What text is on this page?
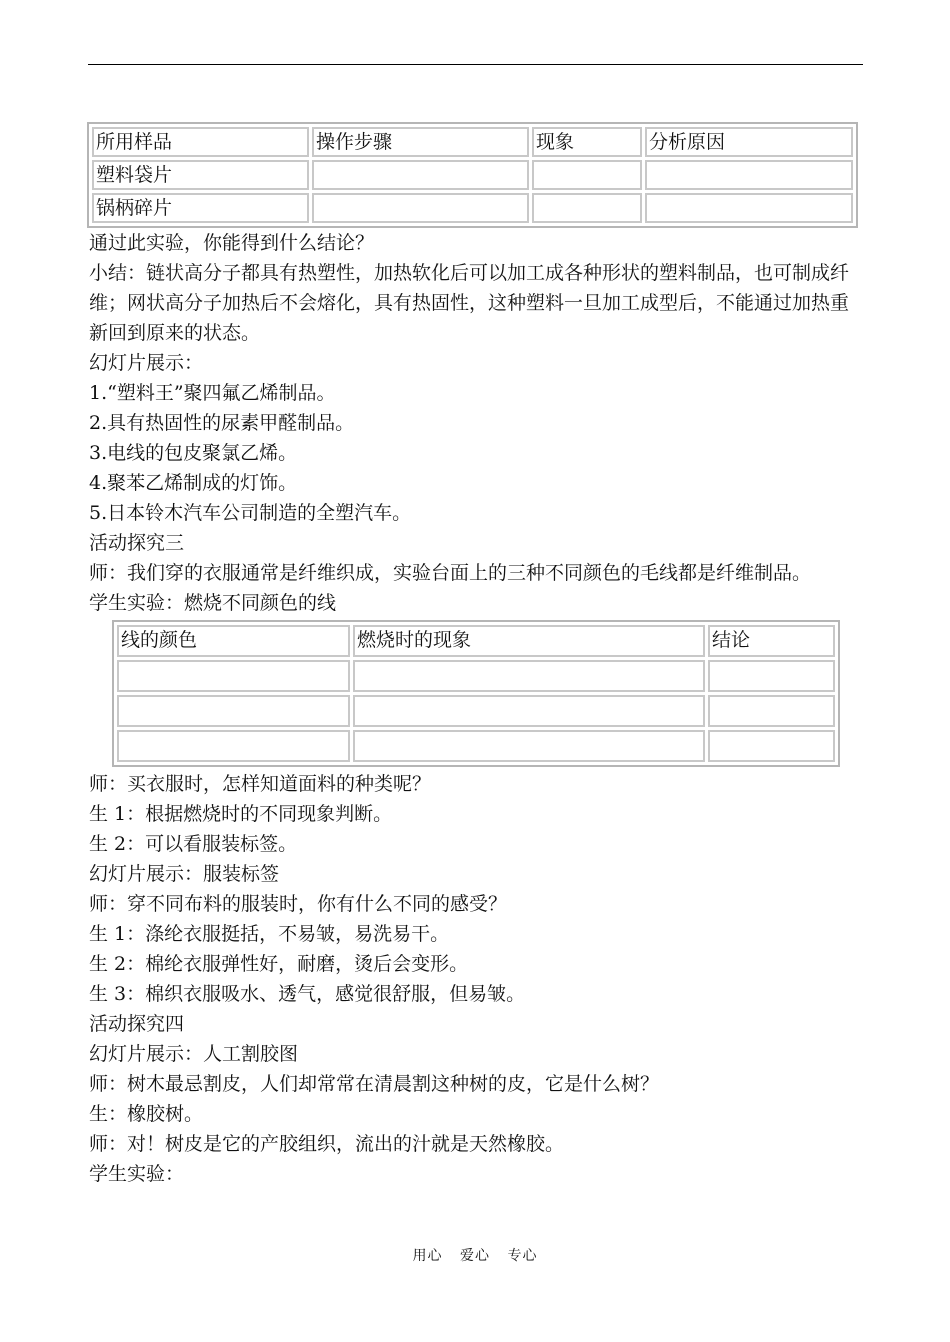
所用样品	操作步骤	现象	分析原因
塑料袋片			
锅柄碎片			

通过此实验，你能得到什么结论？

小结：链状高分子都具有热塑性，加热软化后可以加工成各种形状的塑料制品，也可制成纤维；网状高分子加热后不会熔化，具有热固性，这种塑料一旦加工成型后，不能通过加热重新回到原来的状态。

幻灯片展示：

1.“塑料王”聚四氟乙烯制品。

2.具有热固性的尿素甲醛制品。

3.电线的包皮聚氯乙烯。

4.聚苯乙烯制成的灯饰。

5.日本铃木汽车公司制造的全塑汽车。

活动探究三

师：我们穿的衣服通常是纤维织成，实验台面上的三种不同颜色的毛线都是纤维制品。

学生实验：燃烧不同颜色的线

线的颜色	燃烧时的现象	结论

师：买衣服时，怎样知道面料的种类呢？

生 1：根据燃烧时的不同现象判断。

生 2：可以看服装标签。

幻灯片展示：服装标签

师：穿不同布料的服装时，你有什么不同的感受？

生 1：涤纶衣服挺括，不易皱，易洗易干。

生 2：棉纶衣服弹性好，耐磨，烫后会变形。

生 3：棉织衣服吸水、透气，感觉很舒服，但易皱。

活动探究四

幻灯片展示：人工割胶图

师：树木最忌割皮，人们却常常在清晨割这种树的皮，它是什么树？

生：橡胶树。

师：对！树皮是它的产胶组织，流出的汁就是天然橡胶。

学生实验：

用心 爱心 专心
